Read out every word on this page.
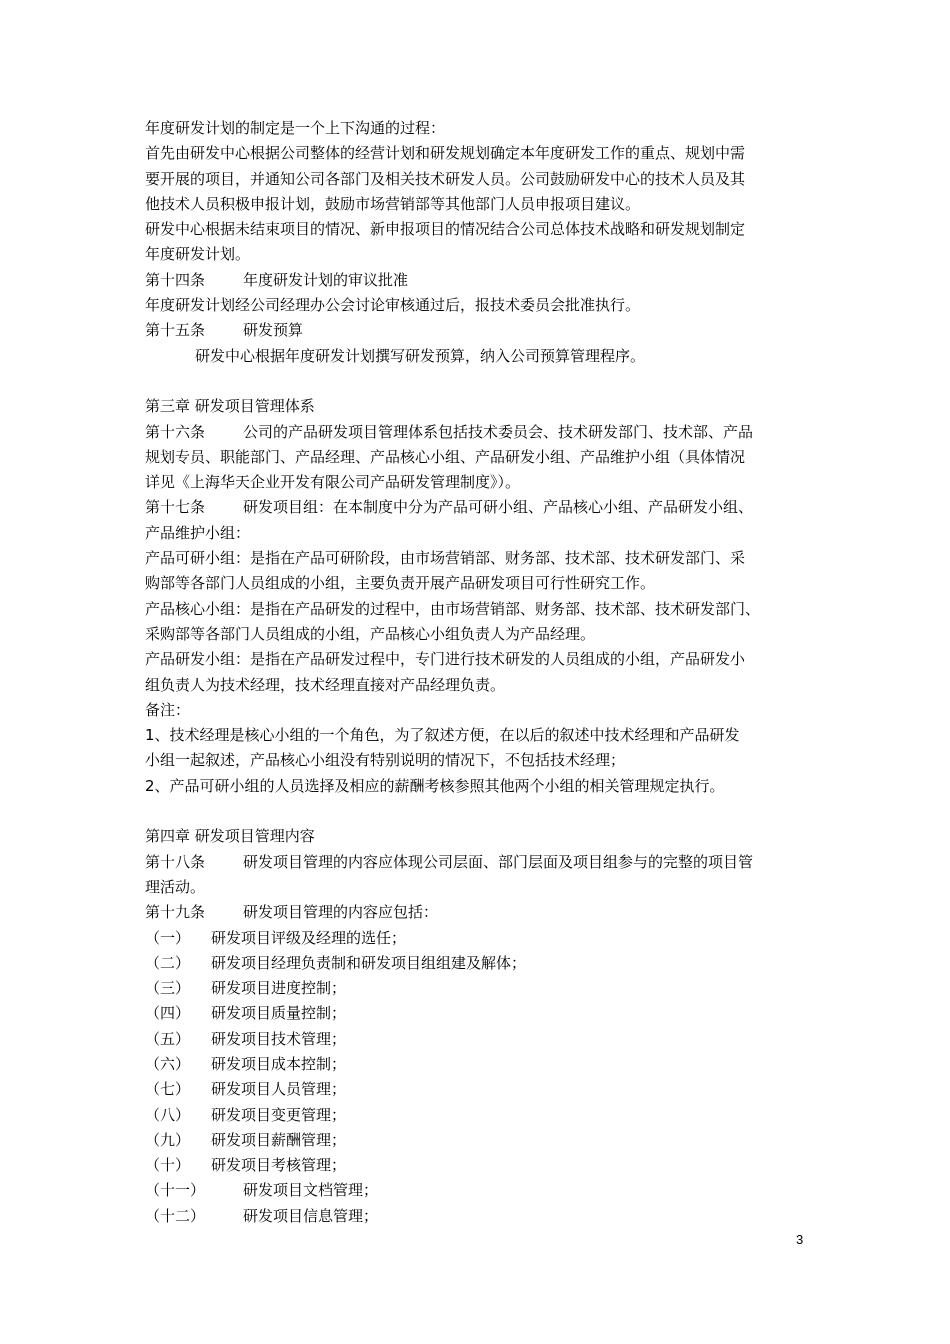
年度研发计划的制定是一个上下沟通的过程：
首先由研发中心根据公司整体的经营计划和研发规划确定本年度研发工作的重点、规划中需
要开展的项目，并通知公司各部门及相关技术研发人员。公司鼓励研发中心的技术人员及其
他技术人员积极申报计划，鼓励市场营销部等其他部门人员申报项目建议。
研发中心根据未结束项目的情况、新申报项目的情况结合公司总体技术战略和研发规划制定
年度研发计划。
第十四条	年度研发计划的审议批准
年度研发计划经公司经理办公会讨论审核通过后，报技术委员会批准执行。
第十五条	研发预算
研发中心根据年度研发计划撰写研发预算，纳入公司预算管理程序。
第三章 研发项目管理体系
第十六条	公司的产品研发项目管理体系包括技术委员会、技术研发部门、技术部、产品
规划专员、职能部门、产品经理、产品核心小组、产品研发小组、产品维护小组（具体情况
详见《上海华天企业开发有限公司产品研发管理制度》）。
第十七条	研发项目组：在本制度中分为产品可研小组、产品核心小组、产品研发小组、
产品维护小组：
产品可研小组：是指在产品可研阶段，由市场营销部、财务部、技术部、技术研发部门、采
购部等各部门人员组成的小组，主要负责开展产品研发项目可行性研究工作。
产品核心小组：是指在产品研发的过程中，由市场营销部、财务部、技术部、技术研发部门、
采购部等各部门人员组成的小组，产品核心小组负责人为产品经理。
产品研发小组：是指在产品研发过程中，专门进行技术研发的人员组成的小组，产品研发小
组负责人为技术经理，技术经理直接对产品经理负责。
备注：
1、技术经理是核心小组的一个角色，为了叙述方便，在以后的叙述中技术经理和产品研发
小组一起叙述，产品核心小组没有特别说明的情况下，不包括技术经理；
2、产品可研小组的人员选择及相应的薪酬考核参照其他两个小组的相关管理规定执行。
第四章 研发项目管理内容
第十八条	研发项目管理的内容应体现公司层面、部门层面及项目组参与的完整的项目管
理活动。
第十九条	研发项目管理的内容应包括：
（一） 研发项目评级及经理的选任；
（二） 研发项目经理负责制和研发项目组组建及解体；
（三） 研发项目进度控制；
（四） 研发项目质量控制；
（五） 研发项目技术管理；
（六） 研发项目成本控制；
（七） 研发项目人员管理；
（八） 研发项目变更管理；
（九） 研发项目薪酬管理；
（十） 研发项目考核管理；
（十一）	研发项目文档管理；
（十二）	研发项目信息管理；
3
